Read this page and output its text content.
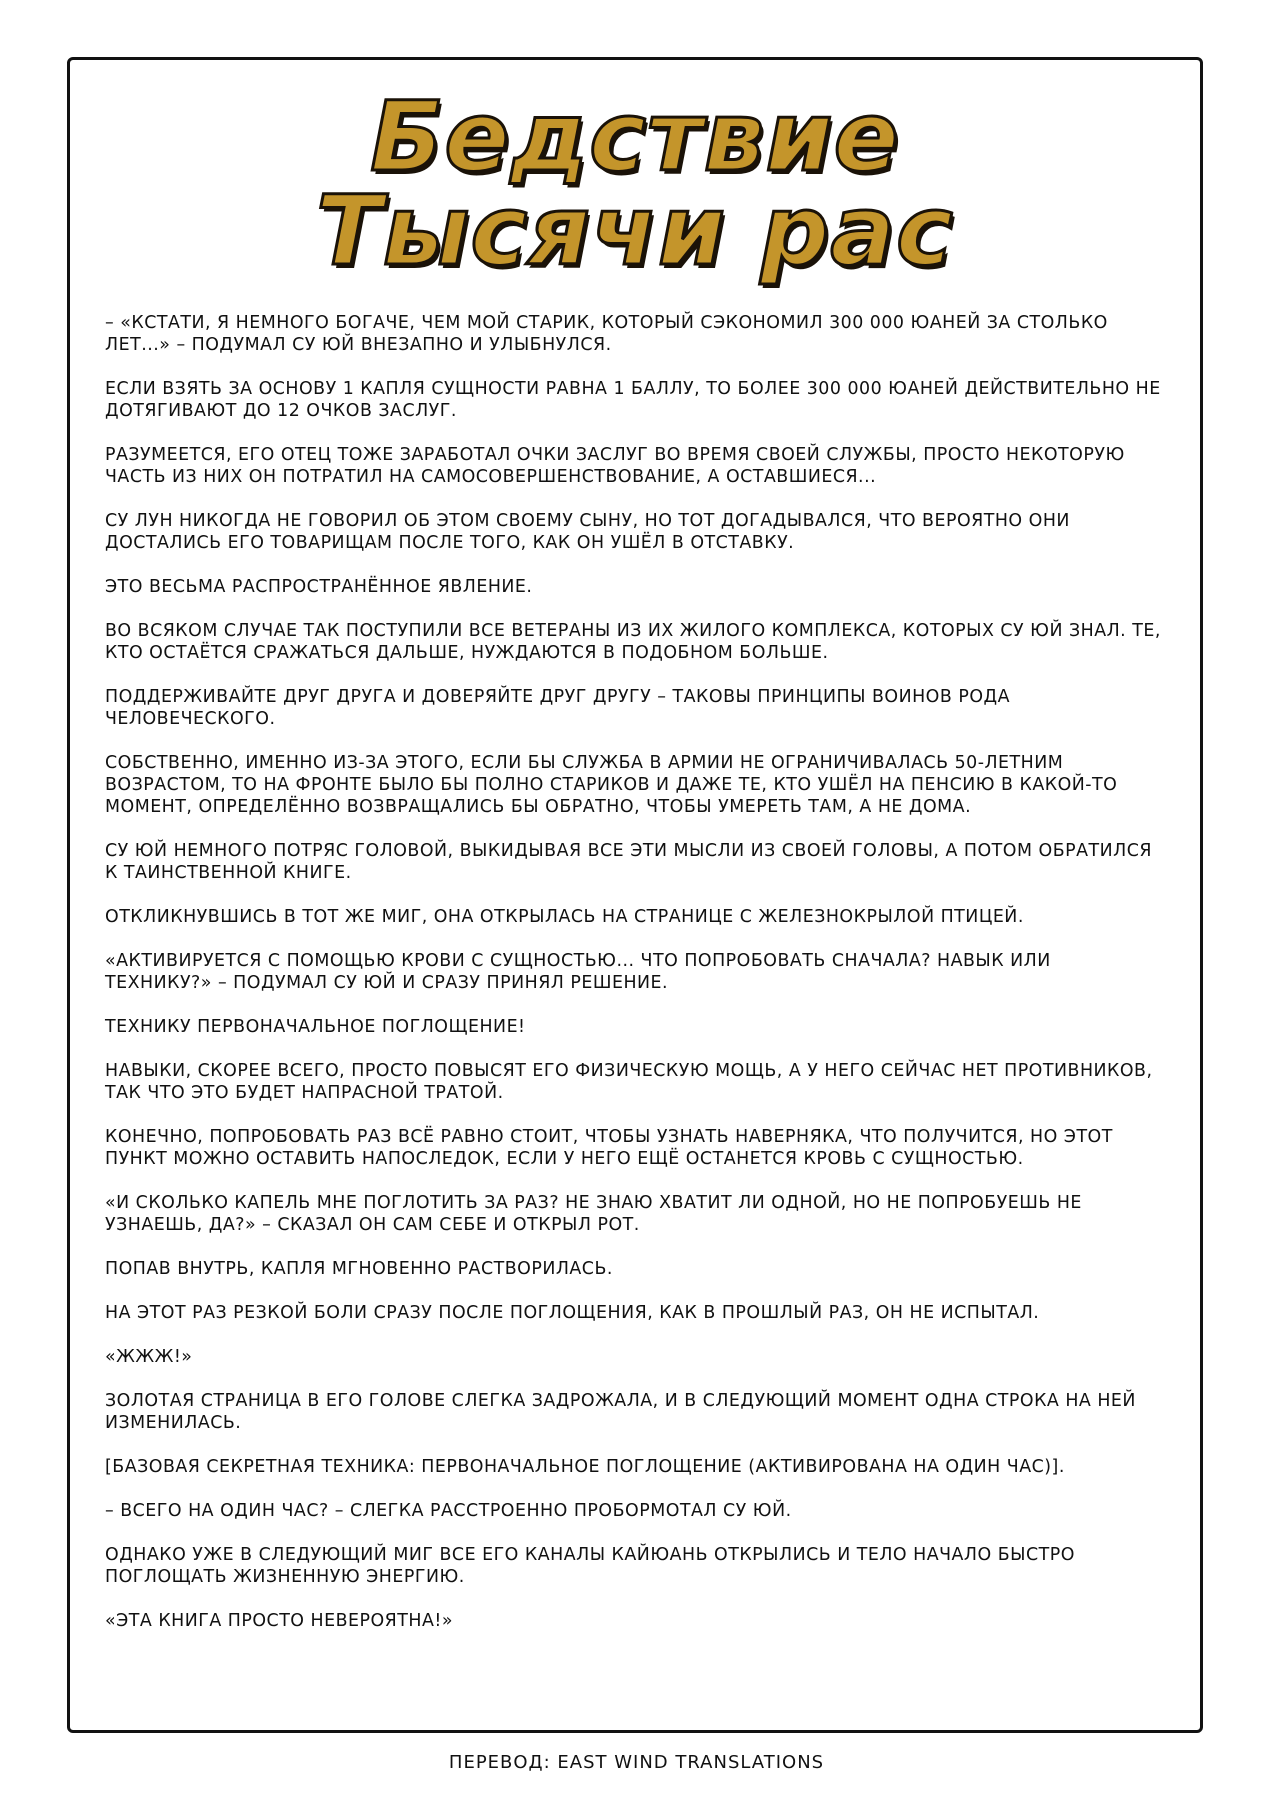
Бедствие
Тысячи рас

– «КСТАТИ, Я НЕМНОГО БОГАЧЕ, ЧЕМ МОЙ СТАРИК, КОТОРЫЙ СЭКОНОМИЛ 300 000 ЮАНЕЙ ЗА СТОЛЬКО ЛЕТ...» – ПОДУМАЛ СУ ЮЙ ВНЕЗАПНО И УЛЫБНУЛСЯ.

ЕСЛИ ВЗЯТЬ ЗА ОСНОВУ 1 КАПЛЯ СУЩНОСТИ РАВНА 1 БАЛЛУ, ТО БОЛЕЕ 300 000 ЮАНЕЙ ДЕЙСТВИТЕЛЬНО НЕ ДОТЯГИВАЮТ ДО 12 ОЧКОВ ЗАСЛУГ.

РАЗУМЕЕТСЯ, ЕГО ОТЕЦ ТОЖЕ ЗАРАБОТАЛ ОЧКИ ЗАСЛУГ ВО ВРЕМЯ СВОЕЙ СЛУЖБЫ, ПРОСТО НЕКОТОРУЮ ЧАСТЬ ИЗ НИХ ОН ПОТРАТИЛ НА САМОСОВЕРШЕНСТВОВАНИЕ, А ОСТАВШИЕСЯ...

СУ ЛУН НИКОГДА НЕ ГОВОРИЛ ОБ ЭТОМ СВОЕМУ СЫНУ, НО ТОТ ДОГАДЫВАЛСЯ, ЧТО ВЕРОЯТНО ОНИ ДОСТАЛИСЬ ЕГО ТОВАРИЩАМ ПОСЛЕ ТОГО, КАК ОН УШЁЛ В ОТСТАВКУ.

ЭТО ВЕСЬМА РАСПРОСТРАНЁННОЕ ЯВЛЕНИЕ.

ВО ВСЯКОМ СЛУЧАЕ ТАК ПОСТУПИЛИ ВСЕ ВЕТЕРАНЫ ИЗ ИХ ЖИЛОГО КОМПЛЕКСА, КОТОРЫХ СУ ЮЙ ЗНАЛ. ТЕ, КТО ОСТАЁТСЯ СРАЖАТЬСЯ ДАЛЬШЕ, НУЖДАЮТСЯ В ПОДОБНОМ БОЛЬШЕ.

ПОДДЕРЖИВАЙТЕ ДРУГ ДРУГА И ДОВЕРЯЙТЕ ДРУГ ДРУГУ – ТАКОВЫ ПРИНЦИПЫ ВОИНОВ РОДА ЧЕЛОВЕЧЕСКОГО.

СОБСТВЕННО, ИМЕННО ИЗ-ЗА ЭТОГО, ЕСЛИ БЫ СЛУЖБА В АРМИИ НЕ ОГРАНИЧИВАЛАСЬ 50-ЛЕТНИМ ВОЗРАСТОМ, ТО НА ФРОНТЕ БЫЛО БЫ ПОЛНО СТАРИКОВ И ДАЖЕ ТЕ, КТО УШЁЛ НА ПЕНСИЮ В КАКОЙ-ТО МОМЕНТ, ОПРЕДЕЛЁННО ВОЗВРАЩАЛИСЬ БЫ ОБРАТНО, ЧТОБЫ УМЕРЕТЬ ТАМ, А НЕ ДОМА.

СУ ЮЙ НЕМНОГО ПОТРЯС ГОЛОВОЙ, ВЫКИДЫВАЯ ВСЕ ЭТИ МЫСЛИ ИЗ СВОЕЙ ГОЛОВЫ, А ПОТОМ ОБРАТИЛСЯ К ТАИНСТВЕННОЙ КНИГЕ.

ОТКЛИКНУВШИСЬ В ТОТ ЖЕ МИГ, ОНА ОТКРЫЛАСЬ НА СТРАНИЦЕ С ЖЕЛЕЗНОКРЫЛОЙ ПТИЦЕЙ.

«АКТИВИРУЕТСЯ С ПОМОЩЬЮ КРОВИ С СУЩНОСТЬЮ... ЧТО ПОПРОБОВАТЬ СНАЧАЛА? НАВЫК ИЛИ ТЕХНИКУ?» – ПОДУМАЛ СУ ЮЙ И СРАЗУ ПРИНЯЛ РЕШЕНИЕ.

ТЕХНИКУ ПЕРВОНАЧАЛЬНОЕ ПОГЛОЩЕНИЕ!

НАВЫКИ, СКОРЕЕ ВСЕГО, ПРОСТО ПОВЫСЯТ ЕГО ФИЗИЧЕСКУЮ МОЩЬ, А У НЕГО СЕЙЧАС НЕТ ПРОТИВНИКОВ, ТАК ЧТО ЭТО БУДЕТ НАПРАСНОЙ ТРАТОЙ.

КОНЕЧНО, ПОПРОБОВАТЬ РАЗ ВСЁ РАВНО СТОИТ, ЧТОБЫ УЗНАТЬ НАВЕРНЯКА, ЧТО ПОЛУЧИТСЯ, НО ЭТОТ ПУНКТ МОЖНО ОСТАВИТЬ НАПОСЛЕДОК, ЕСЛИ У НЕГО ЕЩЁ ОСТАНЕТСЯ КРОВЬ С СУЩНОСТЬЮ.

«И СКОЛЬКО КАПЕЛЬ МНЕ ПОГЛОТИТЬ ЗА РАЗ? НЕ ЗНАЮ ХВАТИТ ЛИ ОДНОЙ, НО НЕ ПОПРОБУЕШЬ НЕ УЗНАЕШЬ, ДА?» – СКАЗАЛ ОН САМ СЕБЕ И ОТКРЫЛ РОТ.

ПОПАВ ВНУТРЬ, КАПЛЯ МГНОВЕННО РАСТВОРИЛАСЬ.

НА ЭТОТ РАЗ РЕЗКОЙ БОЛИ СРАЗУ ПОСЛЕ ПОГЛОЩЕНИЯ, КАК В ПРОШЛЫЙ РАЗ, ОН НЕ ИСПЫТАЛ.

«ЖЖЖ!»

ЗОЛОТАЯ СТРАНИЦА В ЕГО ГОЛОВЕ СЛЕГКА ЗАДРОЖАЛА, И В СЛЕДУЮЩИЙ МОМЕНТ ОДНА СТРОКА НА НЕЙ ИЗМЕНИЛАСЬ.

[БАЗОВАЯ СЕКРЕТНАЯ ТЕХНИКА: ПЕРВОНАЧАЛЬНОЕ ПОГЛОЩЕНИЕ (АКТИВИРОВАНА НА ОДИН ЧАС)].

– ВСЕГО НА ОДИН ЧАС? – СЛЕГКА РАССТРОЕННО ПРОБОРМОТАЛ СУ ЮЙ.

ОДНАКО УЖЕ В СЛЕДУЮЩИЙ МИГ ВСЕ ЕГО КАНАЛЫ КАЙЮАНЬ ОТКРЫЛИСЬ И ТЕЛО НАЧАЛО БЫСТРО ПОГЛОЩАТЬ ЖИЗНЕННУЮ ЭНЕРГИЮ.

«ЭТА КНИГА ПРОСТО НЕВЕРОЯТНА!»

ПЕРЕВОД: EAST WIND TRANSLATIONS
